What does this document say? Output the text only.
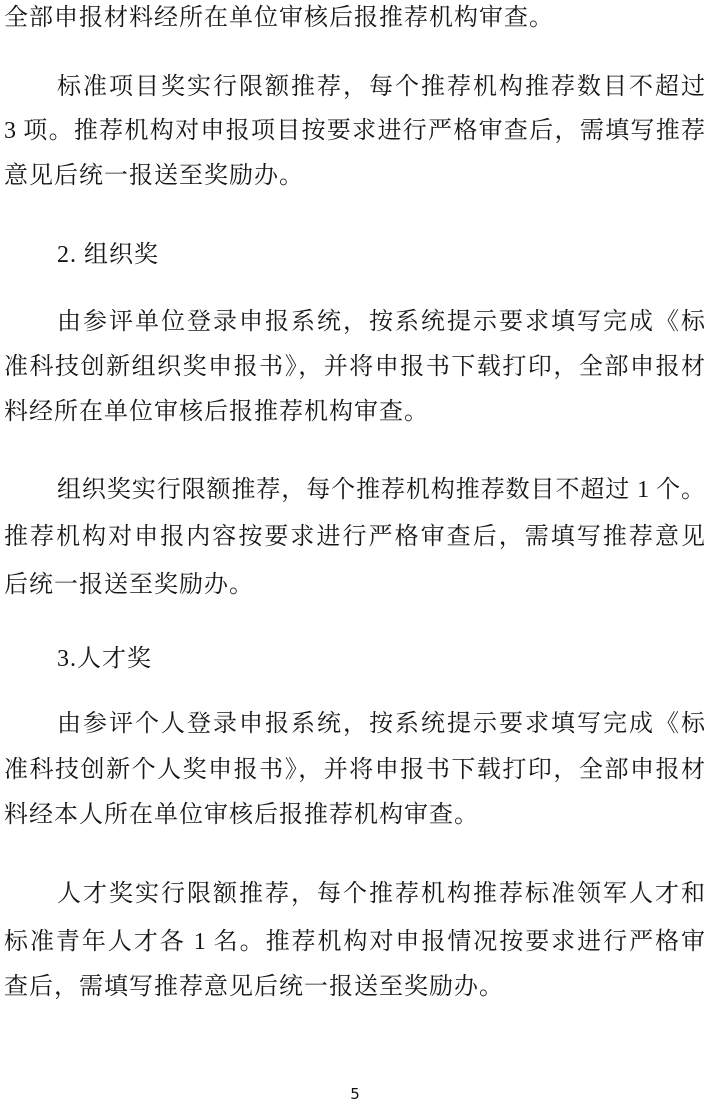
全部申报材料经所在单位审核后报推荐机构审查。
标准项目奖实行限额推荐，每个推荐机构推荐数目不超过
3 项。推荐机构对申报项目按要求进行严格审查后，需填写推荐
意见后统一报送至奖励办。
2. 组织奖
由参评单位登录申报系统，按系统提示要求填写完成《标
准科技创新组织奖申报书》，并将申报书下载打印，全部申报材
料经所在单位审核后报推荐机构审查。
组织奖实行限额推荐，每个推荐机构推荐数目不超过 1 个。
推荐机构对申报内容按要求进行严格审查后，需填写推荐意见
后统一报送至奖励办。
3.人才奖
由参评个人登录申报系统，按系统提示要求填写完成《标
准科技创新个人奖申报书》，并将申报书下载打印，全部申报材
料经本人所在单位审核后报推荐机构审查。
人才奖实行限额推荐，每个推荐机构推荐标准领军人才和
标准青年人才各 1 名。推荐机构对申报情况按要求进行严格审
查后，需填写推荐意见后统一报送至奖励办。
5
